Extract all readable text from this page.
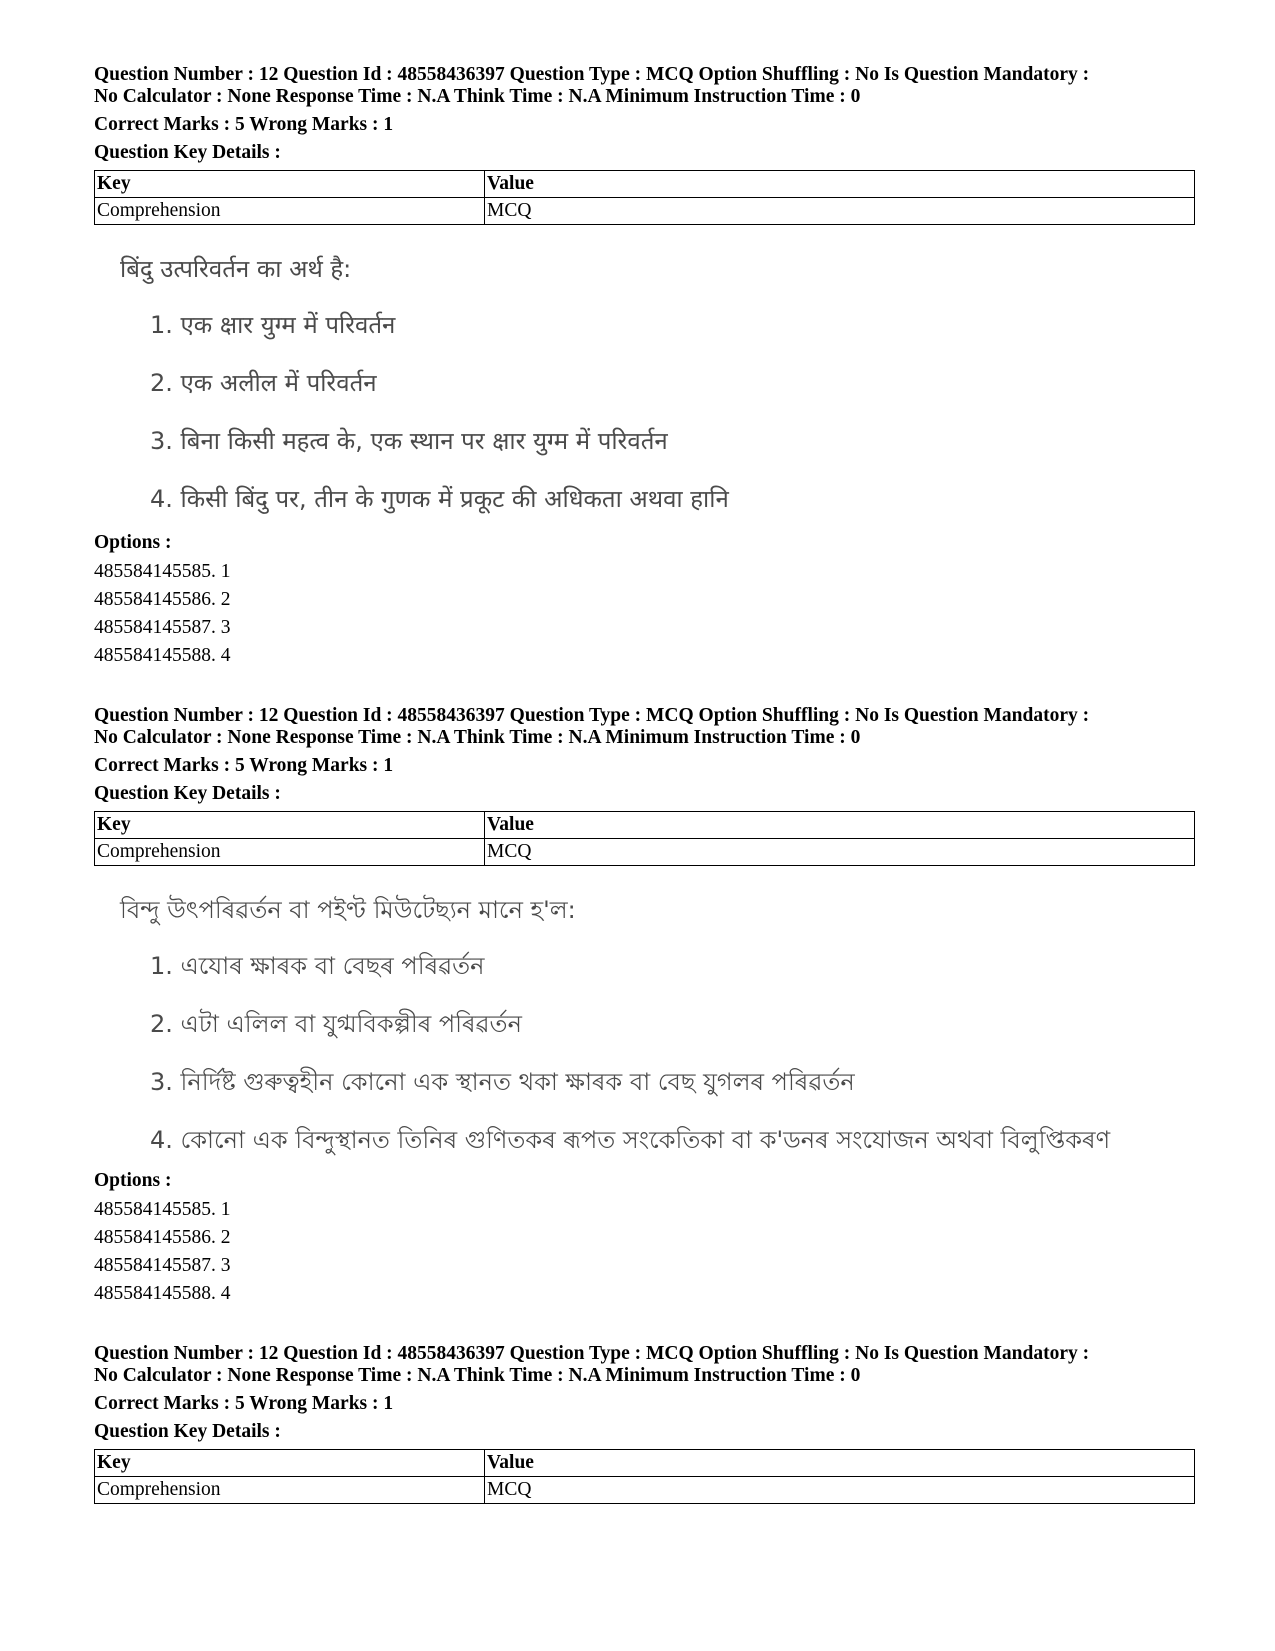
Question Number : 12 Question Id : 48558436397 Question Type : MCQ Option Shuffling : No Is Question Mandatory :
No Calculator : None Response Time : N.A Think Time : N.A Minimum Instruction Time : 0
Correct Marks : 5 Wrong Marks : 1
Question Key Details :
Key	Value
Comprehension	MCQ
बिंदु उत्परिवर्तन का अर्थ है:
1. एक क्षार युग्म में परिवर्तन
2. एक अलील में परिवर्तन
3. बिना किसी महत्व के, एक स्थान पर क्षार युग्म में परिवर्तन
4. किसी बिंदु पर, तीन के गुणक में प्रकूट की अधिकता अथवा हानि
Options :
485584145585. 1
485584145586. 2
485584145587. 3
485584145588. 4
Question Number : 12 Question Id : 48558436397 Question Type : MCQ Option Shuffling : No Is Question Mandatory :
No Calculator : None Response Time : N.A Think Time : N.A Minimum Instruction Time : 0
Correct Marks : 5 Wrong Marks : 1
Question Key Details :
Key	Value
Comprehension	MCQ
বিন্দু উৎপৰিৱৰ্তন বা পইণ্ট মিউটেছ্যন মানে হ'ল:
1. এযোৰ ক্ষাৰক বা বেছৰ পৰিৱৰ্তন
2. এটা এলিল বা যুগ্মবিকল্পীৰ পৰিৱৰ্তন
3. নিৰ্দিষ্ট গুৰুত্বহীন কোনো এক স্থানত থকা ক্ষাৰক বা বেছ যুগলৰ পৰিৱৰ্তন
4. কোনো এক বিন্দুস্থানত তিনিৰ গুণিতকৰ ৰূপত সংকেতিকা বা ক'ডনৰ সংযোজন অথবা বিলুপ্তিকৰণ
Options :
485584145585. 1
485584145586. 2
485584145587. 3
485584145588. 4
Question Number : 12 Question Id : 48558436397 Question Type : MCQ Option Shuffling : No Is Question Mandatory :
No Calculator : None Response Time : N.A Think Time : N.A Minimum Instruction Time : 0
Correct Marks : 5 Wrong Marks : 1
Question Key Details :
Key	Value
Comprehension	MCQ
